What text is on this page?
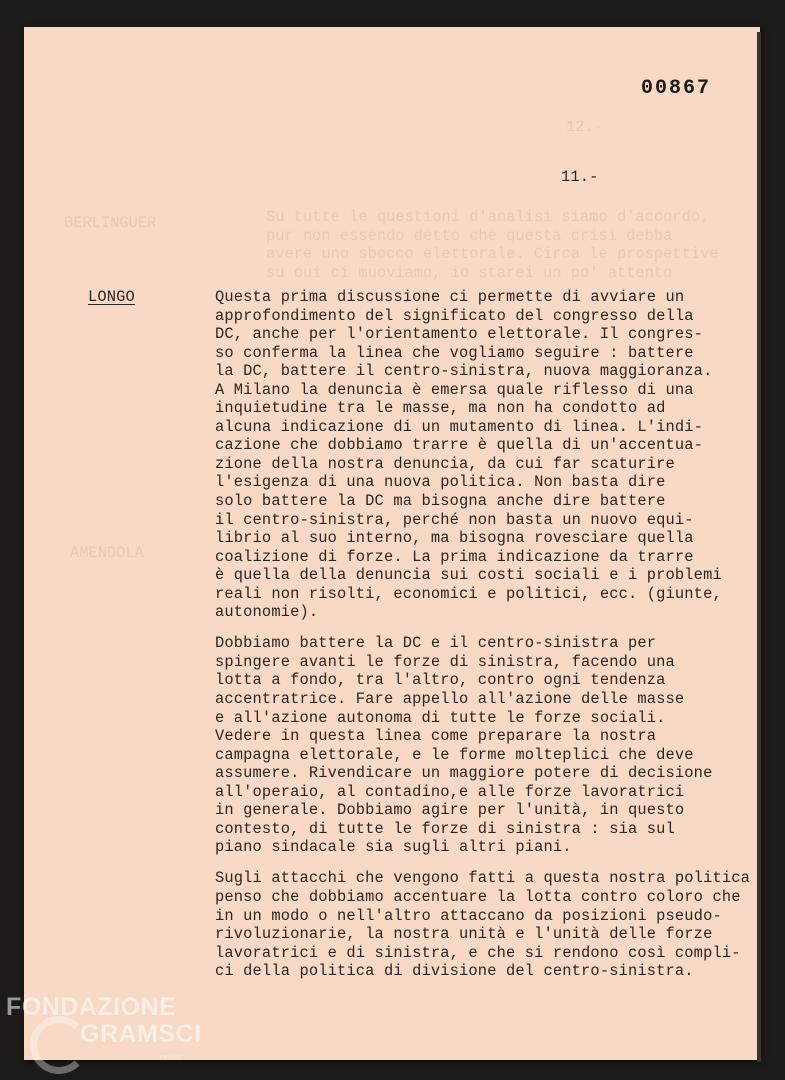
12.-
BERLINGUER	Su tutte le questioni d'analisi siamo d'accordo,
pur non essendo detto che questa crisi debba
avere uno sbocco elettorale. Circa le prospettive
su cui ci muoviamo, io starei un po' attento
AMENDOLA
00867
11.-
LONGO	Questa prima discussione ci permette di avviare un
approfondimento del significato del congresso della
DC, anche per l'orientamento elettorale. Il congres-
so conferma la linea che vogliamo seguire : battere
la DC, battere il centro-sinistra, nuova maggioranza.
A Milano la denuncia è emersa quale riflesso di una
inquietudine tra le masse, ma non ha condotto ad
alcuna indicazione di un mutamento di linea. L'indi-
cazione che dobbiamo trarre è quella di un'accentua-
zione della nostra denuncia, da cui far scaturire
l'esigenza di una nuova politica. Non basta dire
solo battere la DC ma bisogna anche dire battere
il centro-sinistra, perché non basta un nuovo equi-
librio al suo interno, ma bisogna rovesciare quella
coalizione di forze. La prima indicazione da trarre
è quella della denuncia sui costi sociali e i problemi
reali non risolti, economici e politici, ecc. (giunte,
autonomie).

Dobbiamo battere la DC e il centro-sinistra per
spingere avanti le forze di sinistra, facendo una
lotta a fondo, tra l'altro, contro ogni tendenza
accentratrice. Fare appello all'azione delle masse
e all'azione autonoma di tutte le forze sociali.
Vedere in questa linea come preparare la nostra
campagna elettorale, e le forme molteplici che deve
assumere. Rivendicare un maggiore potere di decisione
all'operaio, al contadino,e alle forze lavoratrici
in generale. Dobbiamo agire per l'unità, in questo
contesto, di tutte le forze di sinistra : sia sul
piano sindacale sia sugli altri piani.

Sugli attacchi che vengono fatti a questa nostra politica
penso che dobbiamo accentuare la lotta contro coloro che
in un modo o nell'altro attaccano da posizioni pseudo-
rivoluzionarie, la nostra unità e l'unità delle forze
lavoratrici e di sinistra, e che si rendono così compli-
ci della politica di divisione del centro-sinistra.

FONDAZIONE
GRAMSCI
onlus
